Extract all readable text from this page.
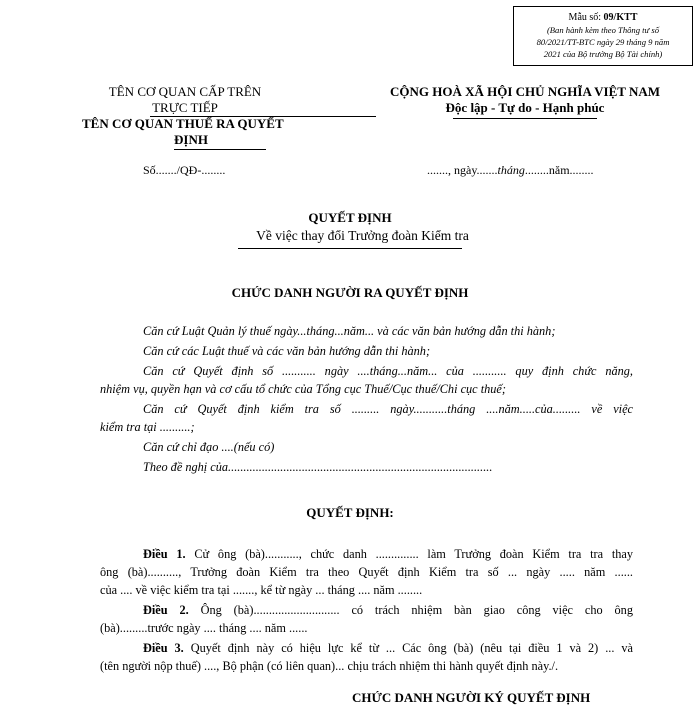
Mẫu số: 09/KTT
(Ban hành kèm theo Thông tư số
80/2021/TT-BTC ngày 29 tháng 9 năm
2021 của Bộ trưởng Bộ Tài chính)
TÊN CƠ QUAN CẤP TRÊN
TRỰC TIẾP
TÊN CƠ QUAN THUẾ RA QUYẾT
ĐỊNH
Số......./QĐ-........
CỘNG HOÀ XÃ HỘI CHỦ NGHĨA VIỆT NAM
Độc lập - Tự do - Hạnh phúc
......., ngày.......tháng........năm........
QUYẾT ĐỊNH
Về việc thay đổi Trưởng đoàn Kiểm tra
CHỨC DANH NGƯỜI RA QUYẾT ĐỊNH
Căn cứ Luật Quản lý thuế ngày...tháng...năm... và các văn bản hướng dẫn thi hành;
Căn cứ các Luật thuế và các văn bản hướng dẫn thi hành;
Căn cứ Quyết định số ........... ngày ....tháng...năm... của ........... quy định chức năng,
nhiệm vụ, quyền hạn và cơ cấu tổ chức của Tổng cục Thuế/Cục thuế/Chi cục thuế;
Căn cứ Quyết định kiểm tra số ......... ngày...........tháng ....năm.....của......... về việc
kiểm tra tại ..........;
Căn cứ chỉ đạo ....(nếu có)
Theo đề nghị của......................................................................................
QUYẾT ĐỊNH:
Điều 1. Cử ông (bà)..........., chức danh .............. làm Trưởng đoàn Kiểm tra tra thay
ông (bà).........., Trưởng đoàn Kiểm tra theo Quyết định Kiểm tra số ... ngày ..... năm ......
của .... về việc kiểm tra tại ......., kể từ ngày ... tháng .... năm ........
Điều 2. Ông (bà)............................ có trách nhiệm bàn giao công việc cho ông
(bà).........trước ngày .... tháng .... năm ......
Điều 3. Quyết định này có hiệu lực kể từ ... Các ông (bà) (nêu tại điều 1 và 2) ... và
(tên người nộp thuế) ...., Bộ phận (có liên quan)... chịu trách nhiệm thi hành quyết định này./.
CHỨC DANH NGƯỜI KÝ QUYẾT ĐỊNH
